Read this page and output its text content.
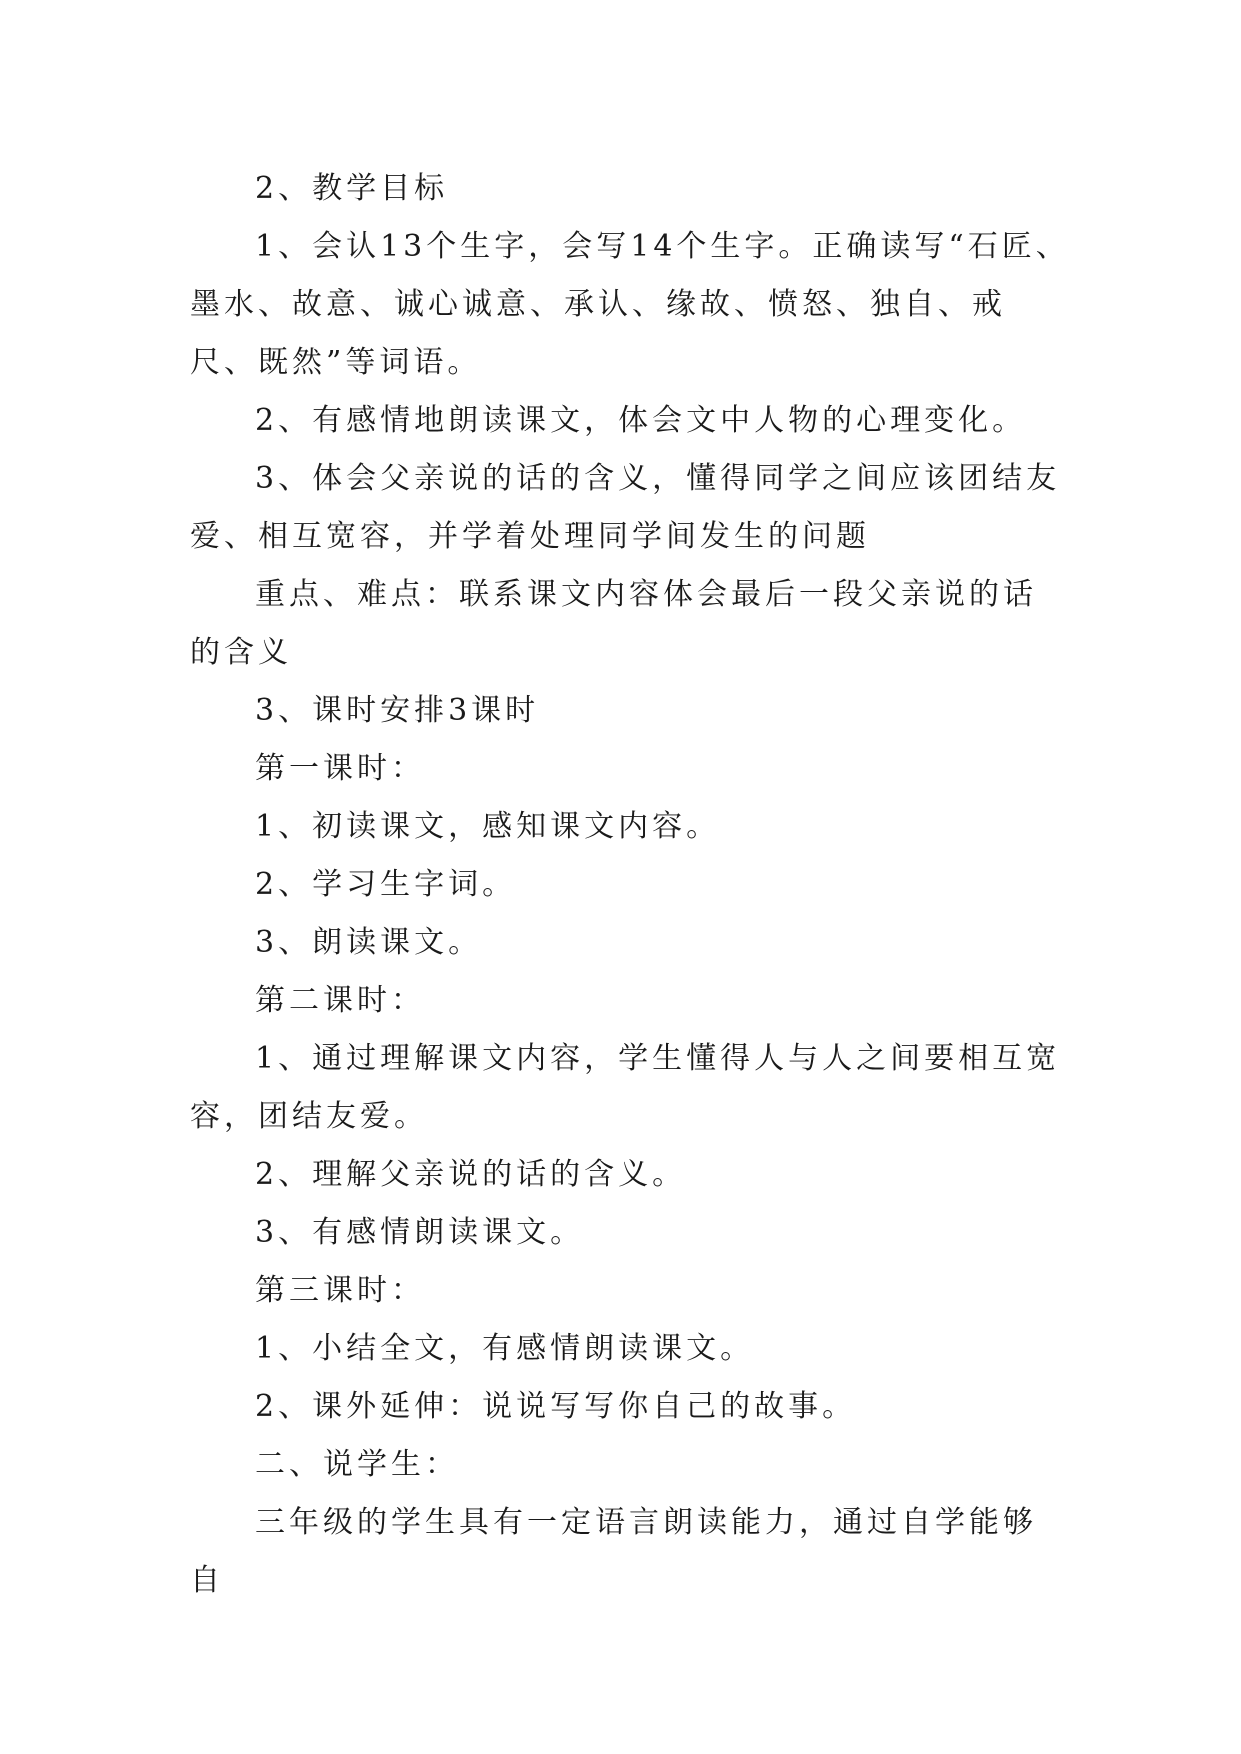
2、教学目标

1、会认13个生字，会写14个生字。正确读写“石匠、墨水、故意、诚心诚意、承认、缘故、愤怒、独自、戒尺、既然”等词语。

2、有感情地朗读课文，体会文中人物的心理变化。

3、体会父亲说的话的含义，懂得同学之间应该团结友爱、相互宽容，并学着处理同学间发生的问题

重点、难点：联系课文内容体会最后一段父亲说的话的含义

3、课时安排3课时

第一课时：

1、初读课文，感知课文内容。

2、学习生字词。

3、朗读课文。

第二课时：

1、通过理解课文内容，学生懂得人与人之间要相互宽容，团结友爱。

2、理解父亲说的话的含义。

3、有感情朗读课文。

第三课时：

1、小结全文，有感情朗读课文。

2、课外延伸：说说写写你自己的故事。

二、说学生：

三年级的学生具有一定语言朗读能力，通过自学能够自
